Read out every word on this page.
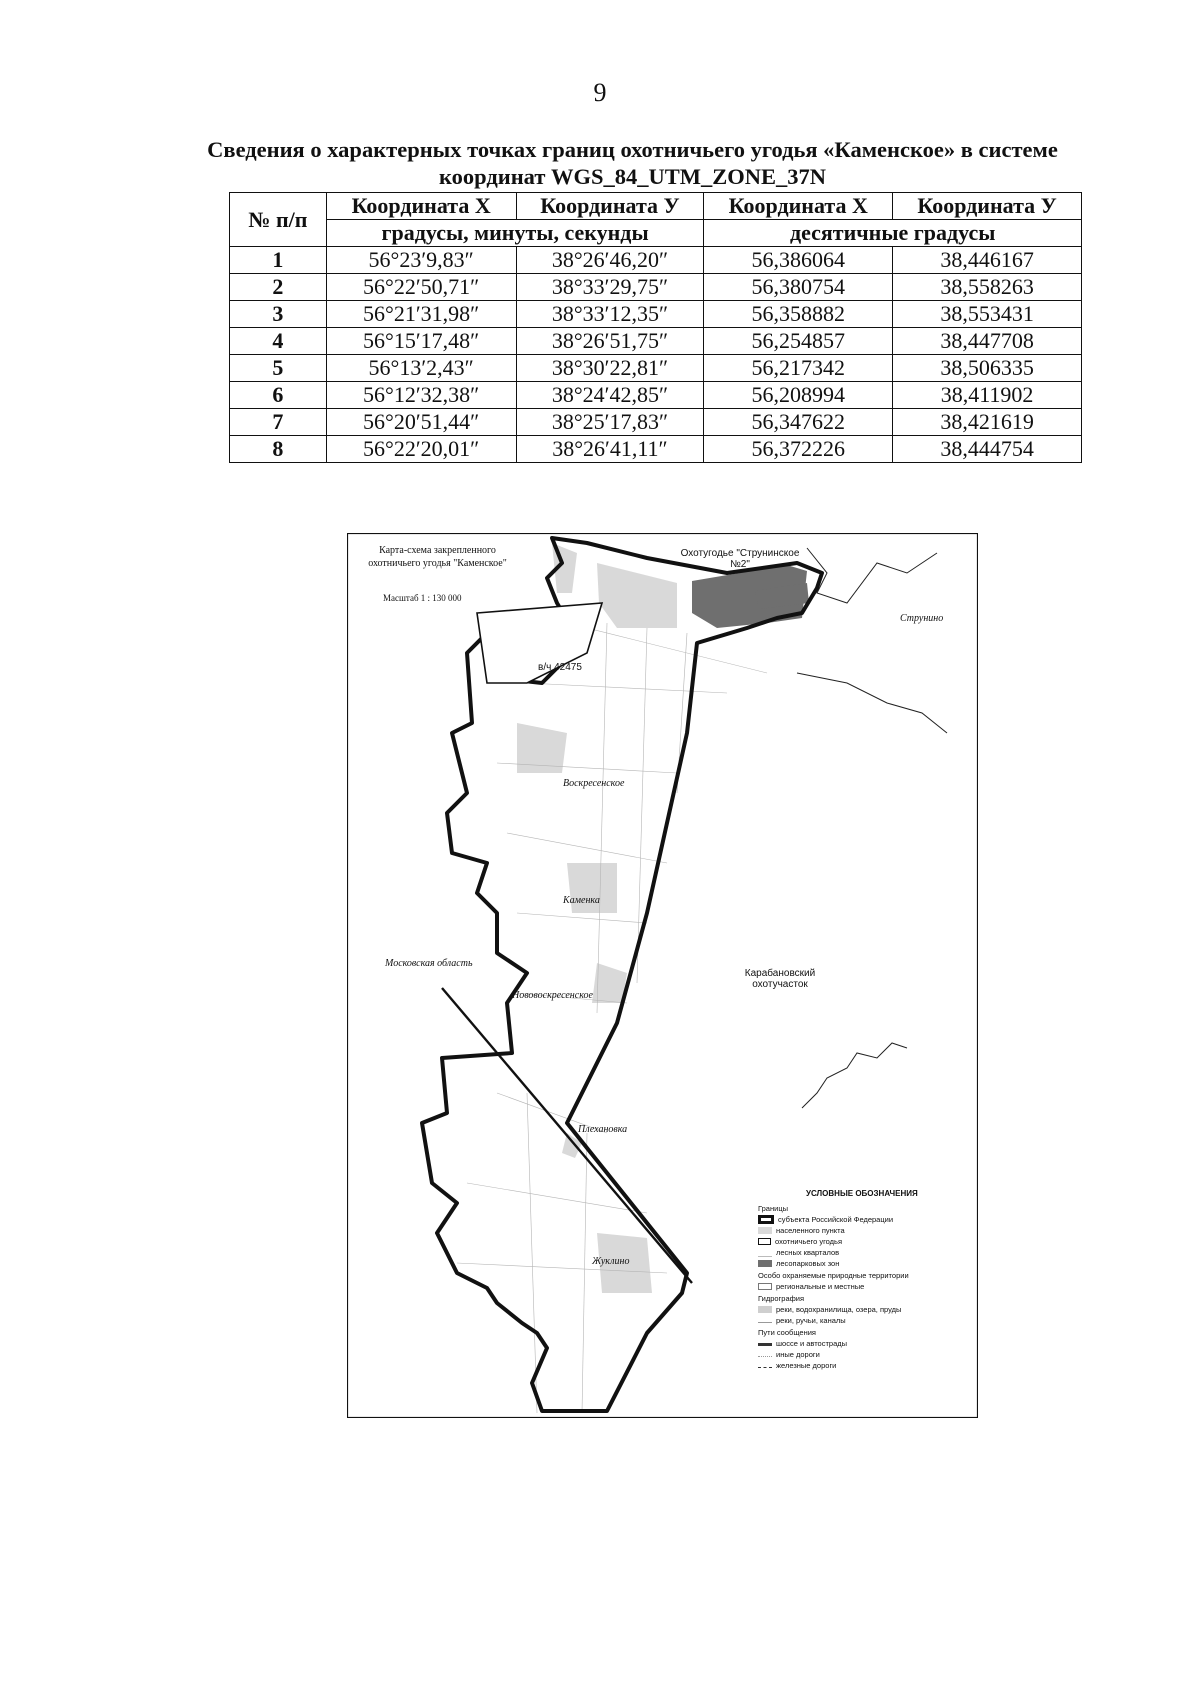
9
Сведения о характерных точках границ охотничьего угодья «Каменское» в системе координат WGS_84_UTM_ZONE_37N
№ п/п	Координата X	Координата У	Координата X	Координата У
	градусы, минуты, секунды		десятичные градусы	
1	56°23′9,83″	38°26′46,20″	56,386064	38,446167
2	56°22′50,71″	38°33′29,75″	56,380754	38,558263
3	56°21′31,98″	38°33′12,35″	56,358882	38,553431
4	56°15′17,48″	38°26′51,75″	56,254857	38,447708
5	56°13′2,43″	38°30′22,81″	56,217342	38,506335
6	56°12′32,38″	38°24′42,85″	56,208994	38,411902
7	56°20′51,44″	38°25′17,83″	56,347622	38,421619
8	56°22′20,01″	38°26′41,11″	56,372226	38,444754
Карта-схема закрепленного охотничьего угодья "Каменское"
Масштаб 1 : 130 000
Охотугодье "Струнинское №2"
в/ч 42475
Струнино
Московская область
Карабановский охотучасток
Каменка
Воскресенское
Нововоскресенское
Жуклино
Плехановка
УСЛОВНЫЕ ОБОЗНАЧЕНИЯ
Границы
субъекта Российской Федерации
населенного пункта
охотничьего угодья
лесных кварталов
лесопарковых зон
Особо охраняемые природные территории
региональные и местные
Гидрография
реки, водохранилища, озера, пруды
реки, ручьи, каналы
Пути сообщения
шоссе и автострады
иные дороги
железные дороги
